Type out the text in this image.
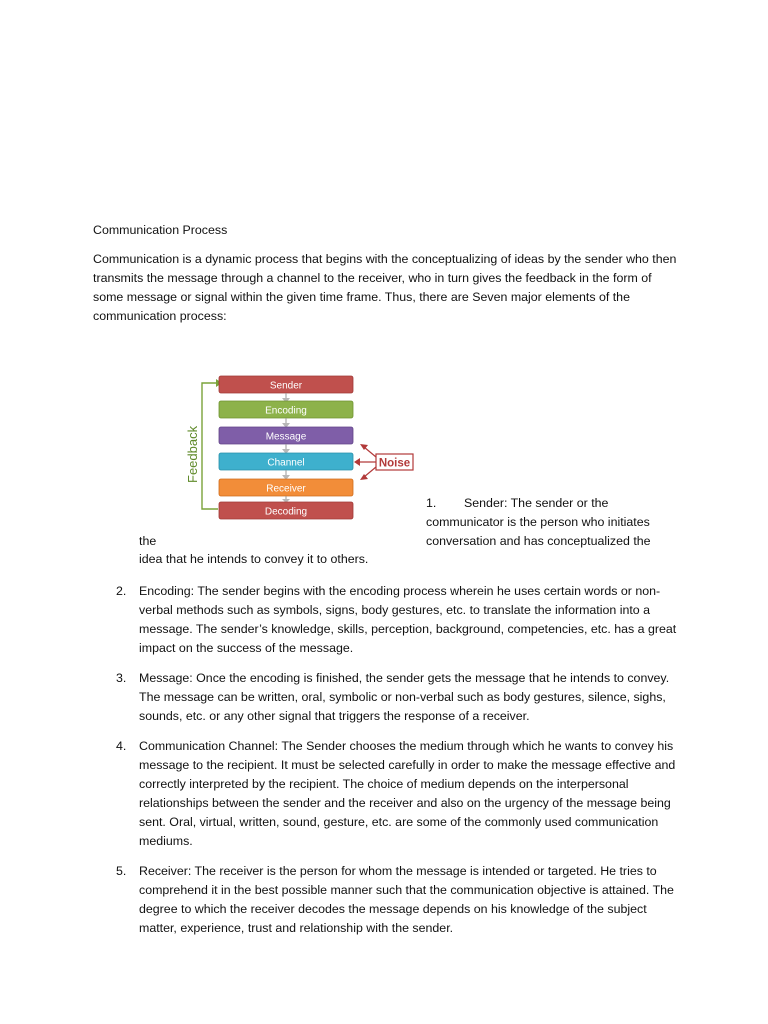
Communication Process

Communication is a dynamic process that begins with the conceptualizing of ideas by the sender who then transmits the message through a channel to the receiver, who in turn gives the feedback in the form of some message or signal within the given time frame. Thus, there are Seven major elements of the communication process:

Feedback
Sender
Encoding
Message
Channel
Receiver
Decoding
Noise
1. Sender: The sender or the
communicator is the person who initiates
the	conversation and has conceptualized the
idea that he intends to convey it to others.
2. Encoding: The sender begins with the encoding process wherein he uses certain words or non-verbal methods such as symbols, signs, body gestures, etc. to translate the information into a message. The sender’s knowledge, skills, perception, background, competencies, etc. has a great impact on the success of the message.

3. Message: Once the encoding is finished, the sender gets the message that he intends to convey. The message can be written, oral, symbolic or non-verbal such as body gestures, silence, sighs, sounds, etc. or any other signal that triggers the response of a receiver.

4. Communication Channel: The Sender chooses the medium through which he wants to convey his message to the recipient. It must be selected carefully in order to make the message effective and correctly interpreted by the recipient. The choice of medium depends on the interpersonal relationships between the sender and the receiver and also on the urgency of the message being sent. Oral, virtual, written, sound, gesture, etc. are some of the commonly used communication mediums.

5. Receiver: The receiver is the person for whom the message is intended or targeted. He tries to comprehend it in the best possible manner such that the communication objective is attained. The degree to which the receiver decodes the message depends on his knowledge of the subject matter, experience, trust and relationship with the sender.
